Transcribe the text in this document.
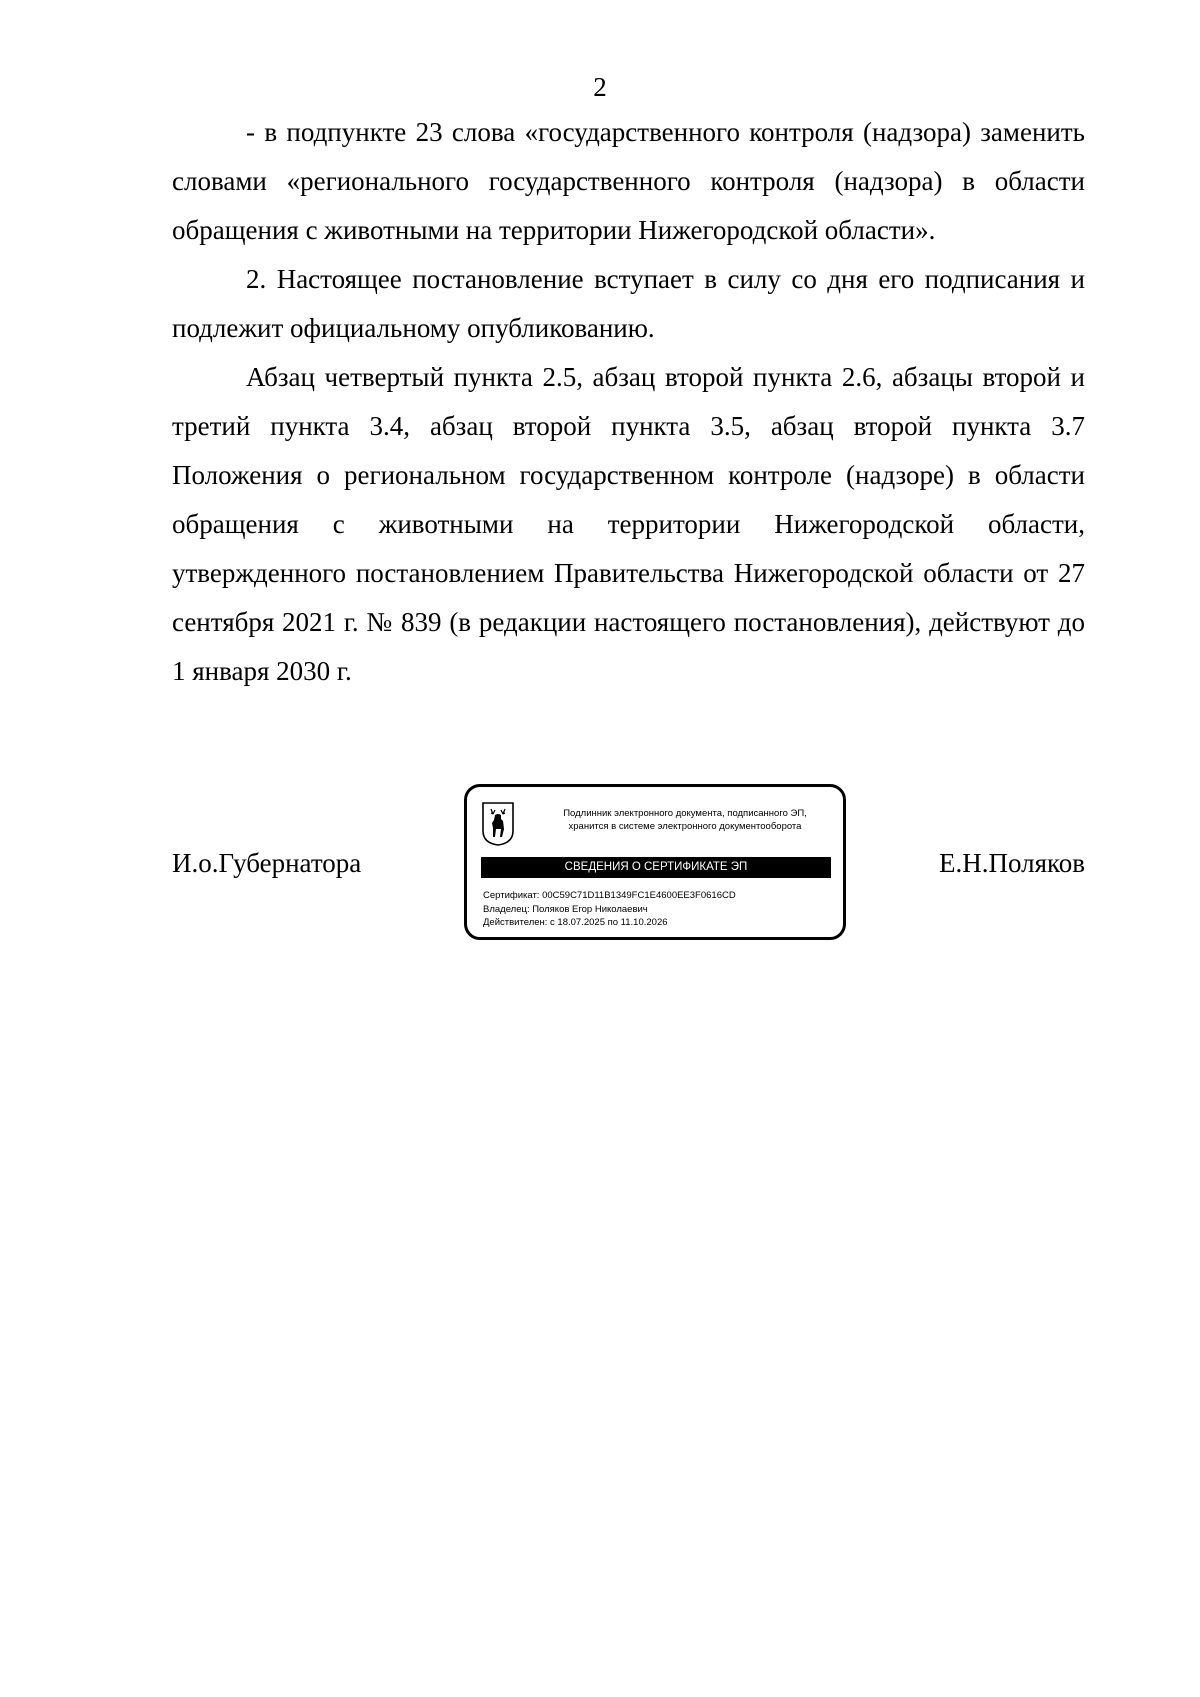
2

- в подпункте 23 слова «государственного контроля (надзора) заменить словами «регионального государственного контроля (надзора) в области обращения с животными на территории Нижегородской области».

2. Настоящее постановление вступает в силу со дня его подписания и подлежит официальному опубликованию.

Абзац четвертый пункта 2.5, абзац второй пункта 2.6, абзацы второй и третий пункта 3.4, абзац второй пункта 3.5, абзац второй пункта 3.7 Положения о региональном государственном контроле (надзоре) в области обращения с животными на территории Нижегородской области, утвержденного постановлением Правительства Нижегородской области от 27 сентября 2021 г. № 839 (в редакции настоящего постановления), действуют до 1 января 2030 г.

И.о.Губернатора
Подлинник электронного документа, подписанного ЭП,
хранится в системе электронного документооборота
СВЕДЕНИЯ О СЕРТИФИКАТЕ ЭП
Сертификат: 00C59C71D11B1349FC1E4600EE3F0616CD
Владелец: Поляков Егор Николаевич
Действителен: с 18.07.2025 по 11.10.2026
Е.Н.Поляков
